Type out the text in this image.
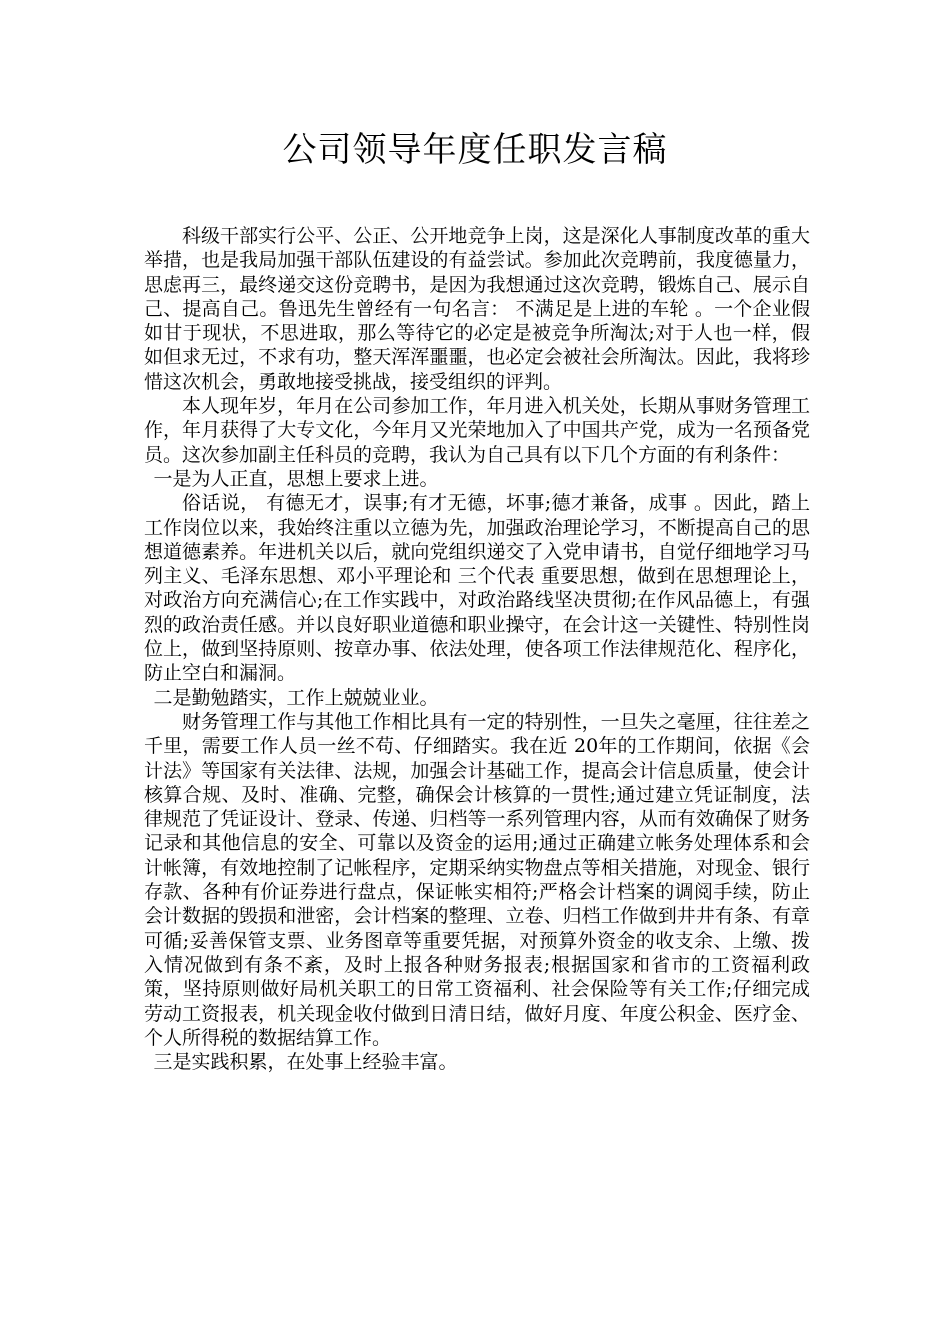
公司领导年度任职发言稿

科级干部实行公平、公正、公开地竞争上岗，这是深化人事制度改革的重大举措，也是我局加强干部队伍建设的有益尝试。参加此次竞聘前，我度德量力，思虑再三，最终递交这份竞聘书，是因为我想通过这次竞聘，锻炼自己、展示自己、提高自己。鲁迅先生曾经有一句名言： 不满足是上进的车轮 。一个企业假如甘于现状，不思进取，那么等待它的必定是被竞争所淘汰;对于人也一样，假如但求无过，不求有功，整天浑浑噩噩，也必定会被社会所淘汰。因此，我将珍惜这次机会，勇敢地接受挑战，接受组织的评判。

本人现年岁，年月在公司参加工作，年月进入机关处，长期从事财务管理工作，年月获得了大专文化，今年月又光荣地加入了中国共产党，成为一名预备党员。这次参加副主任科员的竞聘，我认为自己具有以下几个方面的有利条件：

一是为人正直，思想上要求上进。

俗话说， 有德无才，误事;有才无德，坏事;德才兼备，成事 。因此，踏上工作岗位以来，我始终注重以立德为先，加强政治理论学习，不断提高自己的思想道德素养。年进机关以后，就向党组织递交了入党申请书，自觉仔细地学习马列主义、毛泽东思想、邓小平理论和 三个代表 重要思想，做到在思想理论上，对政治方向充满信心;在工作实践中，对政治路线坚决贯彻;在作风品德上，有强烈的政治责任感。并以良好职业道德和职业操守，在会计这一关键性、特别性岗位上，做到坚持原则、按章办事、依法处理，使各项工作法律规范化、程序化，防止空白和漏洞。

二是勤勉踏实，工作上兢兢业业。

财务管理工作与其他工作相比具有一定的特别性，一旦失之毫厘，往往差之千里，需要工作人员一丝不苟、仔细踏实。我在近 20年的工作期间，依据《会计法》等国家有关法律、法规，加强会计基础工作，提高会计信息质量，使会计核算合规、及时、准确、完整，确保会计核算的一贯性;通过建立凭证制度，法律规范了凭证设计、登录、传递、归档等一系列管理内容，从而有效确保了财务记录和其他信息的安全、可靠以及资金的运用;通过正确建立帐务处理体系和会计帐簿，有效地控制了记帐程序，定期采纳实物盘点等相关措施，对现金、银行存款、各种有价证券进行盘点，保证帐实相符;严格会计档案的调阅手续，防止会计数据的毁损和泄密，会计档案的整理、立卷、归档工作做到井井有条、有章可循;妥善保管支票、业务图章等重要凭据，对预算外资金的收支余、上缴、拨入情况做到有条不紊，及时上报各种财务报表;根据国家和省市的工资福利政策，坚持原则做好局机关职工的日常工资福利、社会保险等有关工作;仔细完成劳动工资报表，机关现金收付做到日清日结，做好月度、年度公积金、医疗金、个人所得税的数据结算工作。

三是实践积累，在处事上经验丰富。
